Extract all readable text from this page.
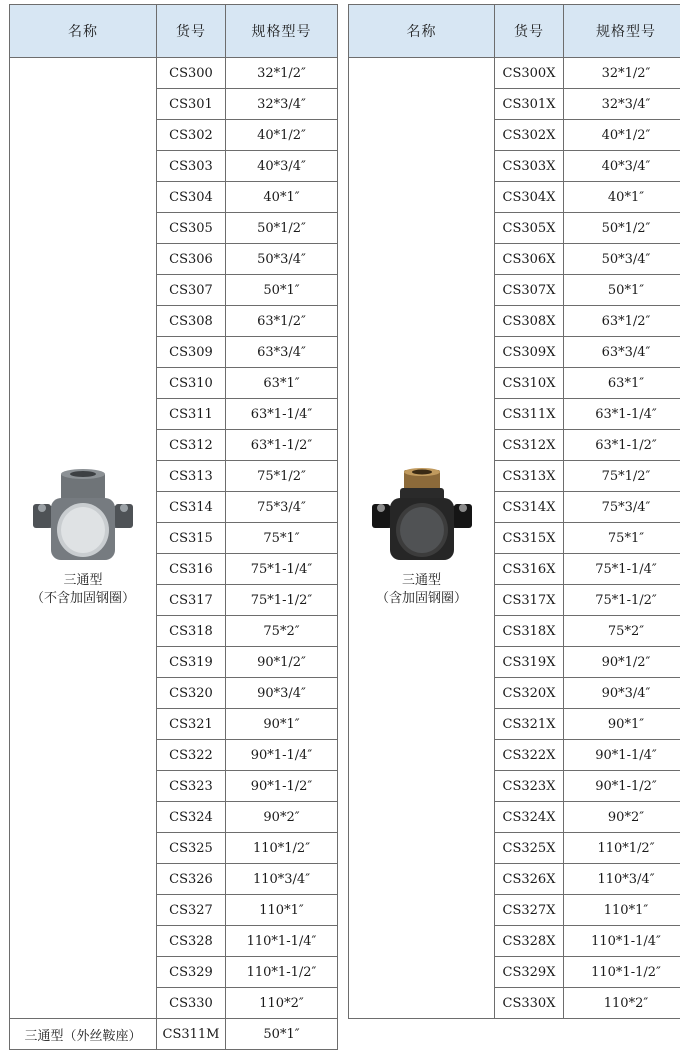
名称	货号	规格型号

三通型
（不含加固钢圈）	CS300	32*1/2″
	CS301	32*3/4″
	CS302	40*1/2″
	CS303	40*3/4″
	CS304	40*1″
	CS305	50*1/2″
	CS306	50*3/4″
	CS307	50*1″
	CS308	63*1/2″
	CS309	63*3/4″
	CS310	63*1″
	CS311	63*1-1/4″
	CS312	63*1-1/2″
	CS313	75*1/2″
	CS314	75*3/4″
	CS315	75*1″
	CS316	75*1-1/4″
	CS317	75*1-1/2″
	CS318	75*2″
	CS319	90*1/2″
	CS320	90*3/4″
	CS321	90*1″
	CS322	90*1-1/4″
	CS323	90*1-1/2″
	CS324	90*2″
	CS325	110*1/2″
	CS326	110*3/4″
	CS327	110*1″
	CS328	110*1-1/4″
	CS329	110*1-1/2″
	CS330	110*2″
三通型（外丝鞍座）	CS311M	50*1″
名称	货号	规格型号

三通型
（含加固钢圈）	CS300X	32*1/2″
	CS301X	32*3/4″
	CS302X	40*1/2″
	CS303X	40*3/4″
	CS304X	40*1″
	CS305X	50*1/2″
	CS306X	50*3/4″
	CS307X	50*1″
	CS308X	63*1/2″
	CS309X	63*3/4″
	CS310X	63*1″
	CS311X	63*1-1/4″
	CS312X	63*1-1/2″
	CS313X	75*1/2″
	CS314X	75*3/4″
	CS315X	75*1″
	CS316X	75*1-1/4″
	CS317X	75*1-1/2″
	CS318X	75*2″
	CS319X	90*1/2″
	CS320X	90*3/4″
	CS321X	90*1″
	CS322X	90*1-1/4″
	CS323X	90*1-1/2″
	CS324X	90*2″
	CS325X	110*1/2″
	CS326X	110*3/4″
	CS327X	110*1″
	CS328X	110*1-1/4″
	CS329X	110*1-1/2″
	CS330X	110*2″
